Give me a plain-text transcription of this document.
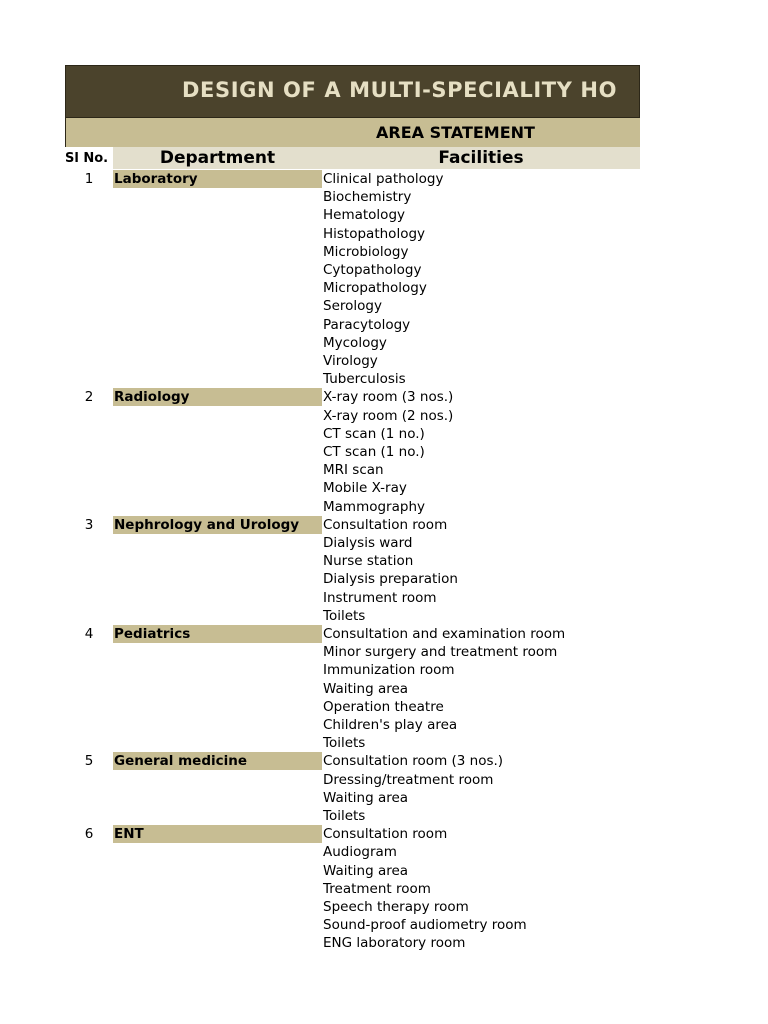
DESIGN OF A MULTI-SPECIALITY HO
AREA STATEMENT
Sl No.	Department	Facilities
1	Laboratory	Clinical pathology
Biochemistry
Hematology
Histopathology
Microbiology
Cytopathology
Micropathology
Serology
Paracytology
Mycology
Virology
Tuberculosis
2	Radiology	X-ray room (3 nos.)
X-ray room (2 nos.)
CT scan (1 no.)
CT scan (1 no.)
MRI scan
Mobile X-ray
Mammography
3	Nephrology and Urology	Consultation room
Dialysis ward
Nurse station
Dialysis preparation
Instrument room
Toilets
4	Pediatrics	Consultation and examination room
Minor surgery and treatment room
Immunization room
Waiting area
Operation theatre
Children's play area
Toilets
5	General medicine	Consultation room (3 nos.)
Dressing/treatment room
Waiting area
Toilets
6	ENT	Consultation room
Audiogram
Waiting area
Treatment room
Speech therapy room
Sound-proof audiometry room
ENG laboratory room
